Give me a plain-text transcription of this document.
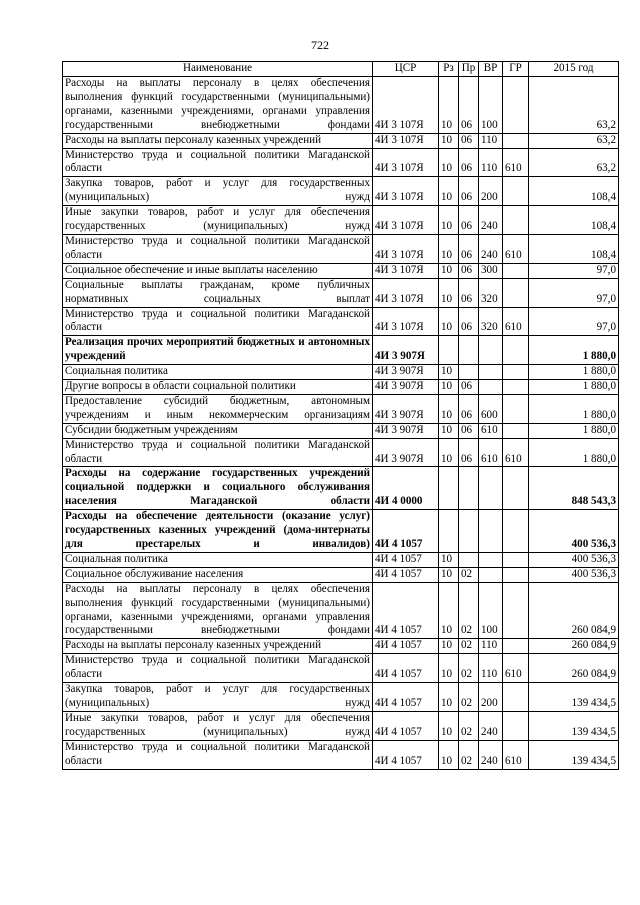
722
Наименование	ЦСР	Рз	Пр	ВР	ГР	2015 год
Расходы на выплаты персоналу в целях обеспечения выполнения функций государственными (муниципальными) органами, казенными учреждениями, органами управления государственными внебюджетными фондами	4И 3 107Я	10	06	100		63,2
Расходы на выплаты персоналу казенных учреждений	4И 3 107Я	10	06	110		63,2
Министерство труда и социальной политики Магаданской области	4И 3 107Я	10	06	110	610	63,2
Закупка товаров, работ и услуг для государственных (муниципальных) нужд	4И 3 107Я	10	06	200		108,4
Иные закупки товаров, работ и услуг для обеспечения государственных (муниципальных) нужд	4И 3 107Я	10	06	240		108,4
Министерство труда и социальной политики Магаданской области	4И 3 107Я	10	06	240	610	108,4
Социальное обеспечение и иные выплаты населению	4И 3 107Я	10	06	300		97,0
Социальные выплаты гражданам, кроме публичных нормативных социальных выплат	4И 3 107Я	10	06	320		97,0
Министерство труда и социальной политики Магаданской области	4И 3 107Я	10	06	320	610	97,0
Реализация прочих мероприятий бюджетных и автономных учреждений	4И 3 907Я					1 880,0
Социальная политика	4И 3 907Я	10				1 880,0
Другие вопросы в области социальной политики	4И 3 907Я	10	06			1 880,0
Предоставление субсидий бюджетным, автономным учреждениям и иным некоммерческим организациям	4И 3 907Я	10	06	600		1 880,0
Субсидии бюджетным учреждениям	4И 3 907Я	10	06	610		1 880,0
Министерство труда и социальной политики Магаданской области	4И 3 907Я	10	06	610	610	1 880,0
Расходы на содержание государственных учреждений социальной поддержки и социального обслуживания населения Магаданской области	4И 4 0000					848 543,3
Расходы на обеспечение деятельности (оказание услуг) государственных казенных учреждений (дома-интернаты для престарелых и инвалидов)	4И 4 1057					400 536,3
Социальная политика	4И 4 1057	10				400 536,3
Социальное обслуживание населения	4И 4 1057	10	02			400 536,3
Расходы на выплаты персоналу в целях обеспечения выполнения функций государственными (муниципальными) органами, казенными учреждениями, органами управления государственными внебюджетными фондами	4И 4 1057	10	02	100		260 084,9
Расходы на выплаты персоналу казенных учреждений	4И 4 1057	10	02	110		260 084,9
Министерство труда и социальной политики Магаданской области	4И 4 1057	10	02	110	610	260 084,9
Закупка товаров, работ и услуг для государственных (муниципальных) нужд	4И 4 1057	10	02	200		139 434,5
Иные закупки товаров, работ и услуг для обеспечения государственных (муниципальных) нужд	4И 4 1057	10	02	240		139 434,5
Министерство труда и социальной политики Магаданской области	4И 4 1057	10	02	240	610	139 434,5
